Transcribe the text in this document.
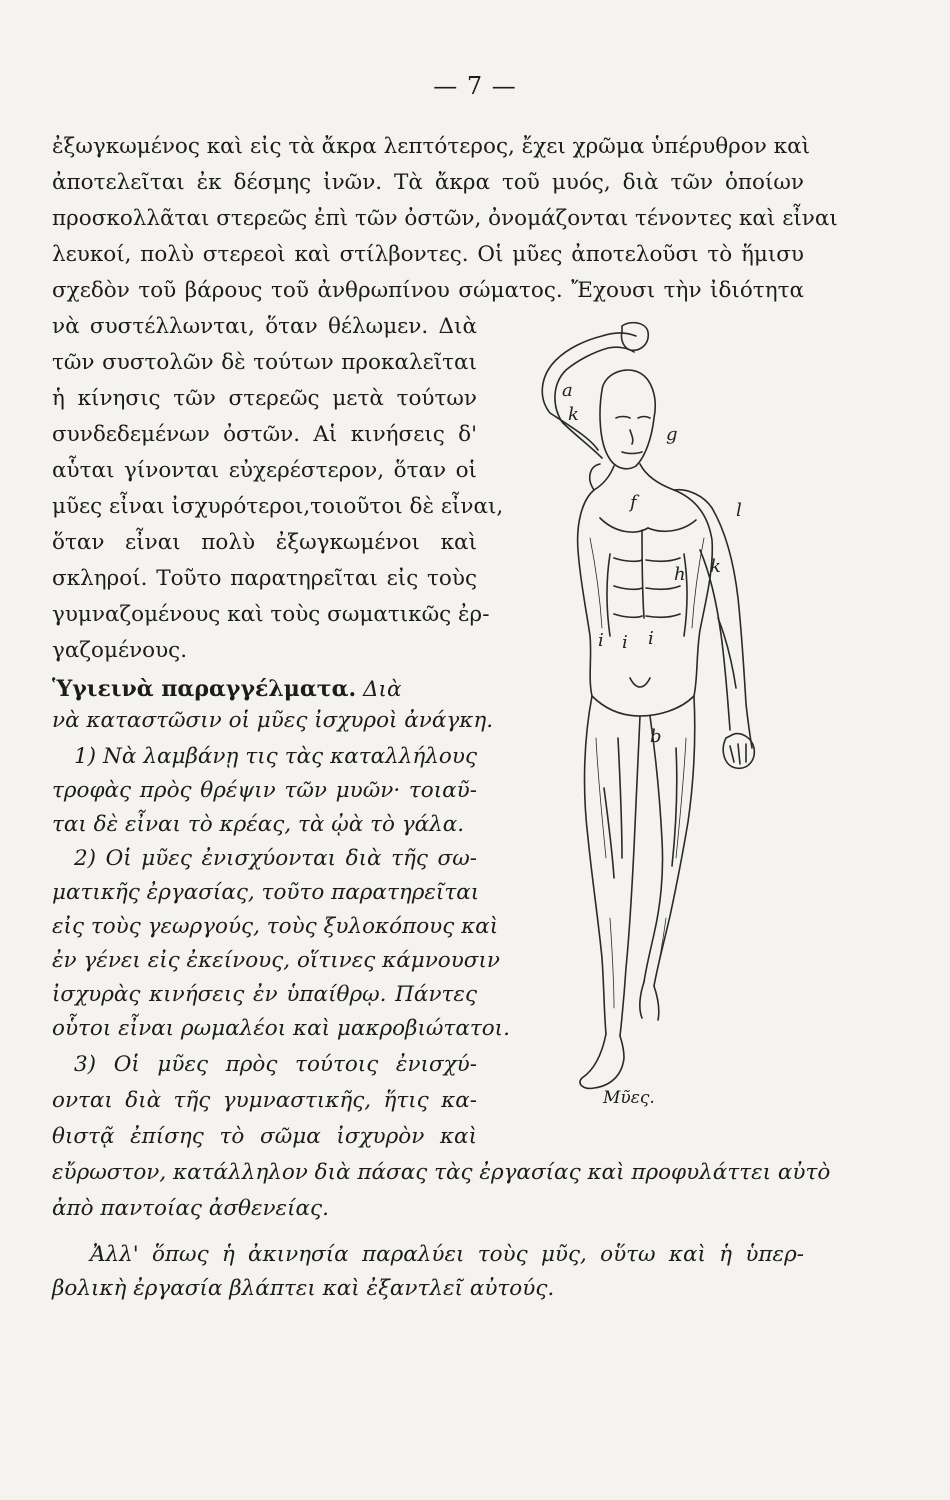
— 7 —
ἐξωγκωμένος καὶ εἰς τὰ ἄκρα λεπτότερος, ἔχει χρῶμα ὑπέρυθρον καὶ
ἀποτελεῖται ἐκ δέσμης ἰνῶν. Τὰ ἄκρα τοῦ μυός, διὰ τῶν ὁποίων
προσκολλᾶται στερεῶς ἐπὶ τῶν ὀστῶν, ὀνομάζονται τένοντες καὶ εἶναι
λευκοί, πολὺ στερεοὶ καὶ στίλβοντες. Οἱ μῦες ἀποτελοῦσι τὸ ἥμισυ
σχεδὸν τοῦ βάρους τοῦ ἀνθρωπίνου σώματος. Ἔχουσι τὴν ἰδιότητα
νὰ συστέλλωνται, ὅταν θέλωμεν. Διὰ
τῶν συστολῶν δὲ τούτων προκαλεῖται
ἡ κίνησις τῶν στερεῶς μετὰ τούτων
συνδεδεμένων ὀστῶν. Αἱ κινήσεις δ'
αὗται γίνονται εὐχερέστερον, ὅταν οἱ
μῦες εἶναι ἰσχυρότεροι,τοιοῦτοι δὲ εἶναι,
ὅταν εἶναι πολὺ ἐξωγκωμένοι καὶ
σκληροί. Τοῦτο παρατηρεῖται εἰς τοὺς
γυμναζομένους καὶ τοὺς σωματικῶς ἐρ-
γαζομένους.
Ὑγιεινὰ παραγγέλματα. Διὰ
νὰ καταστῶσιν οἱ μῦες ἰσχυροὶ ἀνάγκη.
1) Νὰ λαμβάνῃ τις τὰς καταλλήλους
τροφὰς πρὸς θρέψιν τῶν μυῶν· τοιαῦ-
ται δὲ εἶναι τὸ κρέας, τὰ ᾠὰ τὸ γάλα.
2) Οἱ μῦες ἐνισχύονται διὰ τῆς σω-
ματικῆς ἐργασίας, τοῦτο παρατηρεῖται
εἰς τοὺς γεωργούς, τοὺς ξυλοκόπους καὶ
ἐν γένει εἰς ἐκείνους, οἵτινες κάμνουσιν
ἰσχυρὰς κινήσεις ἐν ὑπαίθρῳ. Πάντες
οὗτοι εἶναι ρωμαλέοι καὶ μακροβιώτατοι.
3) Οἱ μῦες πρὸς τούτοις ἐνισχύ-
ονται διὰ τῆς γυμναστικῆς, ἥτις κα-
θιστᾷ ἐπίσης τὸ σῶμα ἰσχυρὸν καὶ
εὔρωστον, κατάλληλον διὰ πάσας τὰς ἐργασίας καὶ προφυλάττει αὐτὸ
ἀπὸ παντοίας ἀσθενείας.
Ἀλλ' ὅπως ἡ ἀκινησία παραλύει τοὺς μῦς, οὕτω καὶ ἡ ὑπερ-
βολικὴ ἐργασία βλάπτει καὶ ἐξαντλεῖ αὐτούς.
a
k
g
f	l
k
h
i i i
b
Μῦες.
